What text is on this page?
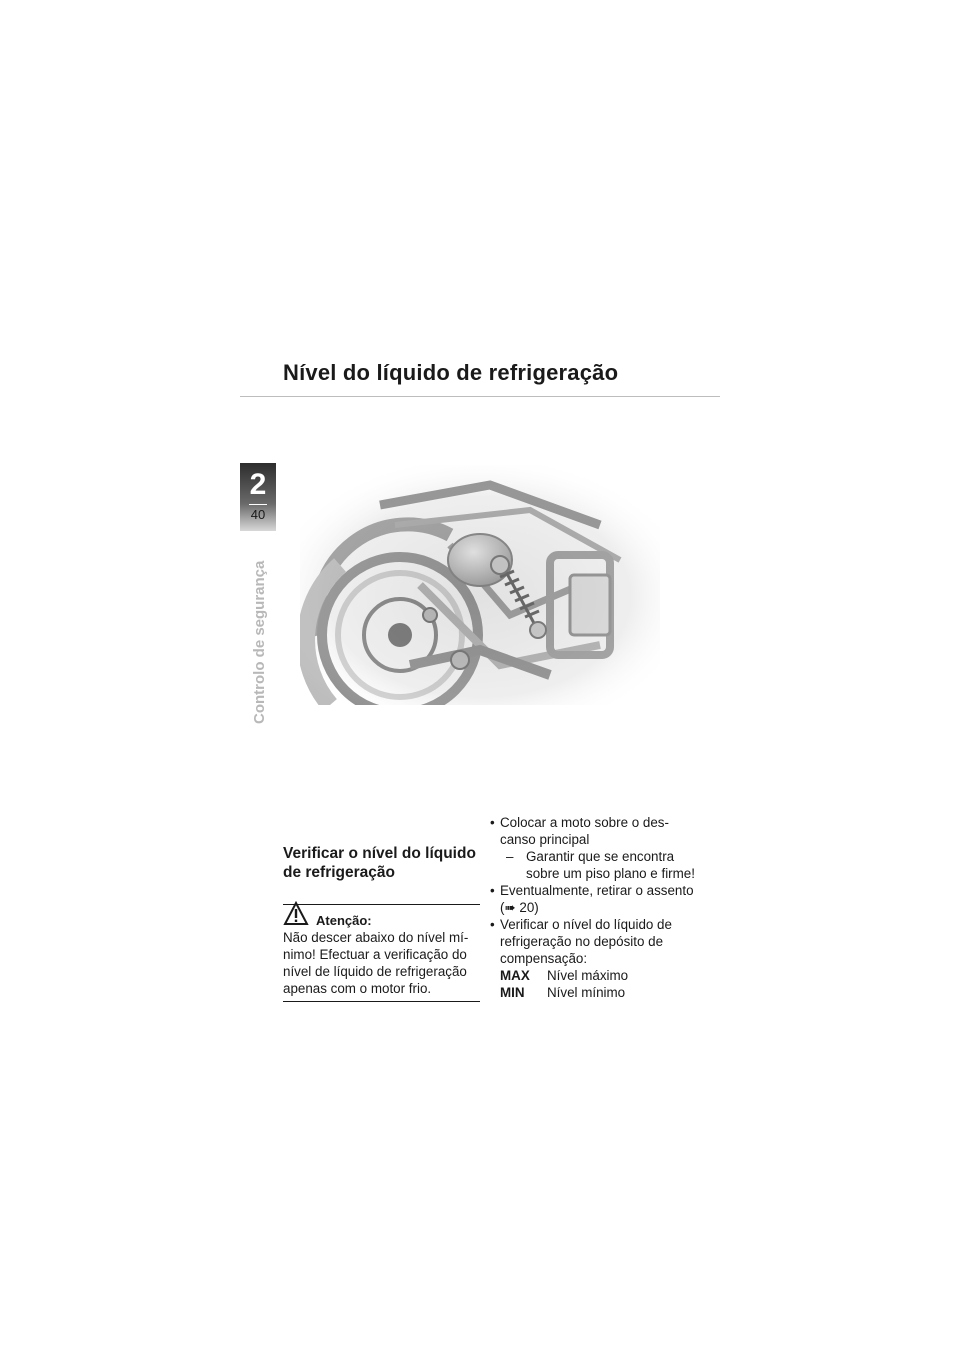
Nível do líquido de refrigeração
2
40
Controlo de segurança
Verificar o nível do líquido de refrigeração
Atenção:

Não descer abaixo do nível mí-nimo! Efectuar a verificação do nível de líquido de refrigeração apenas com o motor frio.

• Colocar a moto sobre o des-canso principal

– Garantir que se encontra sobre um piso plano e firme!

• Eventualmente, retirar o assento (➠ 20)

• Verificar o nível do líquido de refrigeração no depósito de compensação:

MAX	Nível máximo
MIN	Nível mínimo
